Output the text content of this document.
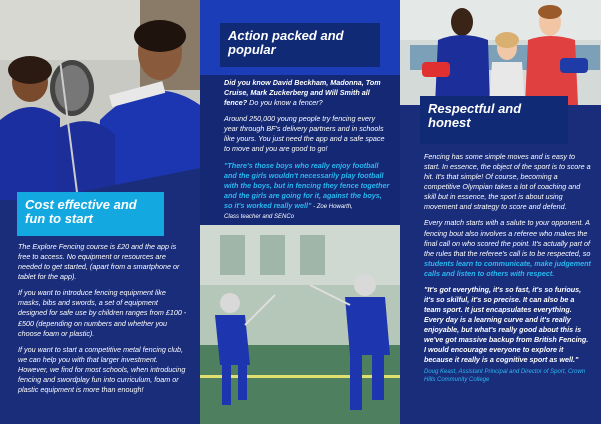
Cost effective and fun to start

The Explore Fencing course is £20 and the app is free to access. No equipment or resources are needed to get started, (apart from a smartphone or tablet for the app).

If you want to introduce fencing equipment like masks, bibs and swords, a set of equipment designed for safe use by children ranges from £100 - £500 (depending on numbers and whether you choose foam or plastic).

If you want to start a competitive metal fencing club, we can help you with that larger investment. However, we find for most schools, when introducing fencing and swordplay fun into curriculum, foam or plastic equipment is more than enough!

Action packed and popular

Did you know David Beckham, Madonna, Tom Cruise, Mark Zuckerberg and Will Smith all fence? Do you know a fencer?

Around 250,000 young people try fencing every year through BF's delivery partners and in schools like yours. You just need the app and a safe space to move and you are good to go!

"There's those boys who really enjoy football and the girls wouldn't necessarily play football with the boys, but in fencing they fence together and the girls are going for it, against the boys, so it's worked really well" - Zoe Howarth,
Class teacher and SENCo

Respectful and honest

Fencing has some simple moves and is easy to start. In essence, the object of the sport is to score a hit. It's that simple! Of course, becoming a competitive Olympian takes a lot of coaching and skill but in essence, the sport is about using movement and strategy to score and defend.

Every match starts with a salute to your opponent. A fencing bout also involves a referee who makes the final call on who scored the point. It's actually part of the rules that the referee's call is to be respected, so students learn to communicate, make judgement calls and listen to others with respect.

"It's got everything, it's so fast, it's so furious, it's so skilful, it's so precise. It can also be a team sport. It just encapsulates everything. Every day is a learning curve and it's really enjoyable, but what's really good about this is we've got massive backup from British Fencing. I would encourage everyone to explore it because it really is a cognitive sport as well."

Doug Keast, Assistant Principal and Director of Sport, Crown Hills Community College
